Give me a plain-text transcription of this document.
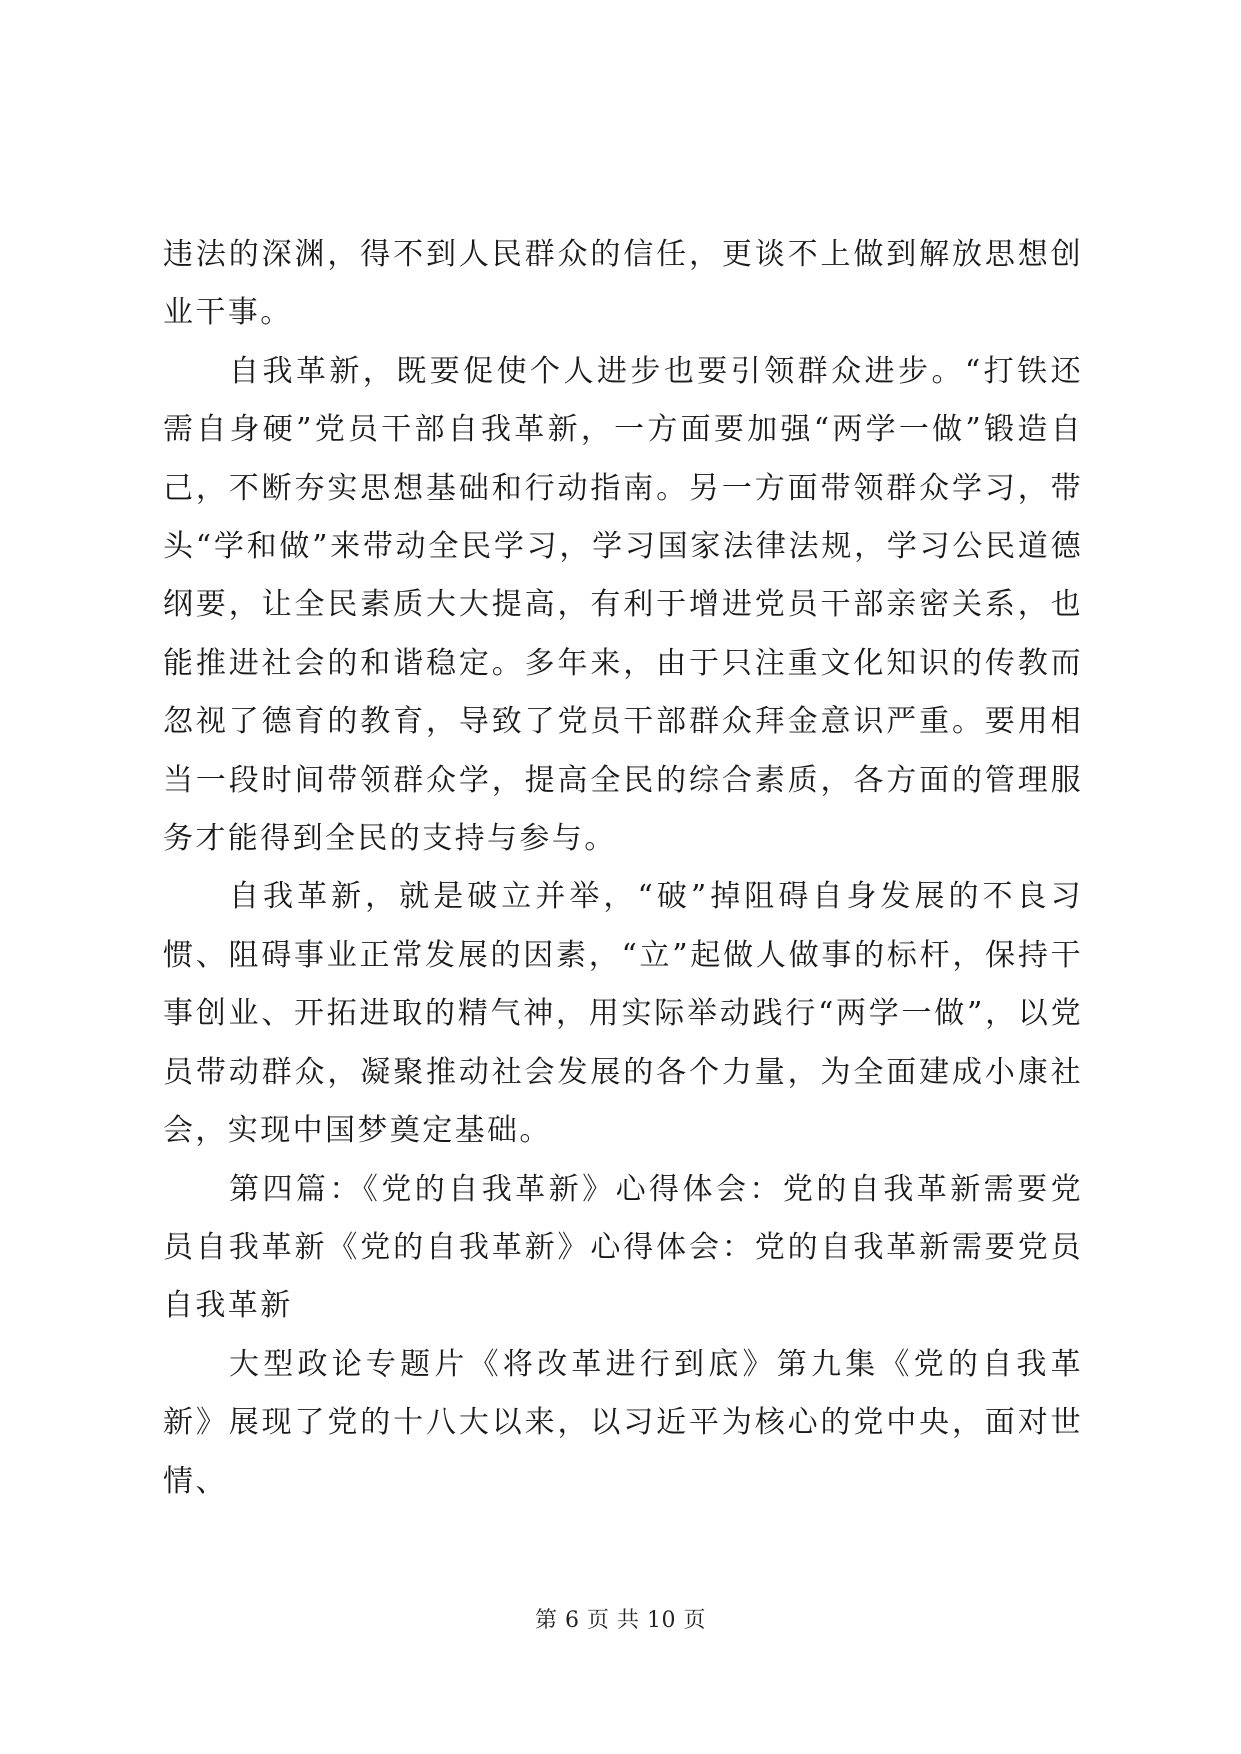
违法的深渊，得不到人民群众的信任，更谈不上做到解放思想创业干事。

自我革新，既要促使个人进步也要引领群众进步。“打铁还需自身硬”党员干部自我革新，一方面要加强“两学一做”锻造自己，不断夯实思想基础和行动指南。另一方面带领群众学习，带头“学和做”来带动全民学习，学习国家法律法规，学习公民道德纲要，让全民素质大大提高，有利于增进党员干部亲密关系，也能推进社会的和谐稳定。多年来，由于只注重文化知识的传教而忽视了德育的教育，导致了党员干部群众拜金意识严重。要用相当一段时间带领群众学，提高全民的综合素质，各方面的管理服务才能得到全民的支持与参与。

自我革新，就是破立并举，“破”掉阻碍自身发展的不良习惯、阻碍事业正常发展的因素，“立”起做人做事的标杆，保持干事创业、开拓进取的精气神，用实际举动践行“两学一做”，以党员带动群众，凝聚推动社会发展的各个力量，为全面建成小康社会，实现中国梦奠定基础。

第四篇：《党的自我革新》心得体会：党的自我革新需要党员自我革新《党的自我革新》心得体会：党的自我革新需要党员自我革新

大型政论专题片《将改革进行到底》第九集《党的自我革新》展现了党的十八大以来，以习近平为核心的党中央，面对世情、

第 6 页 共 10 页
